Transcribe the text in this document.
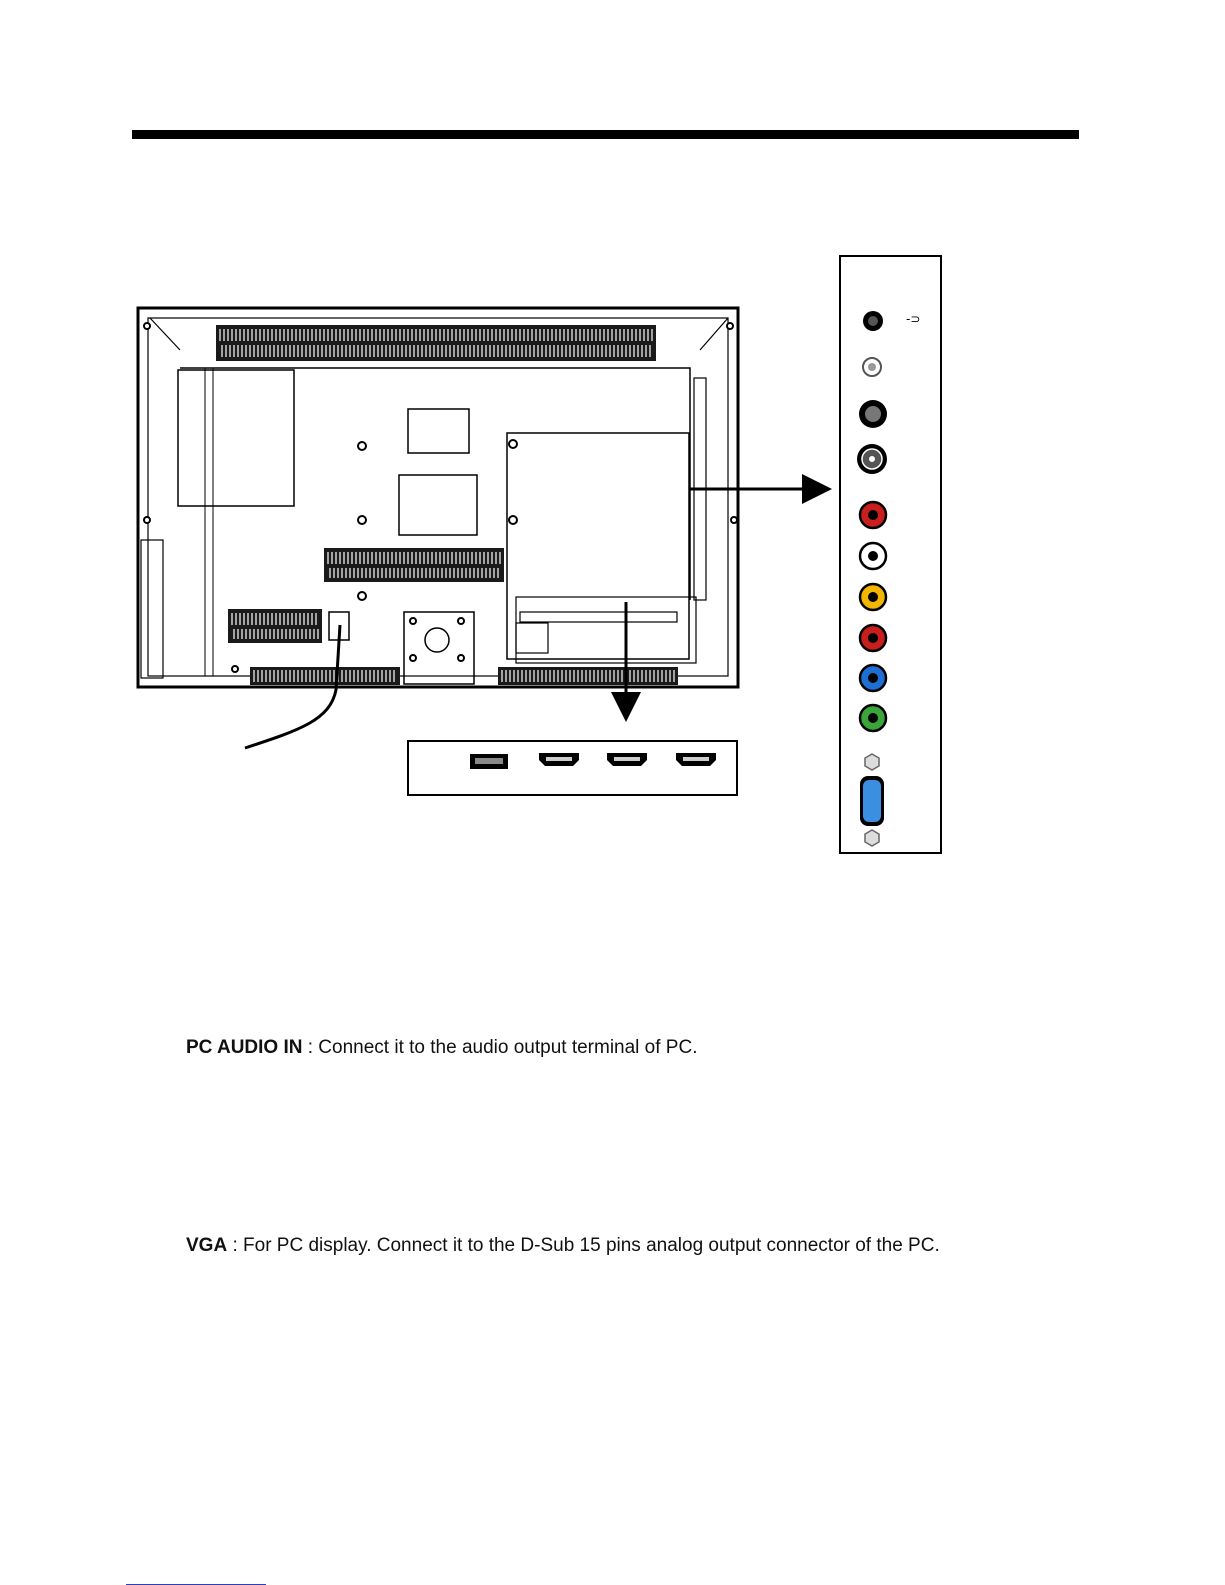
-⊃
PC AUDIO IN : Connect it to the audio output terminal of PC.
VGA : For PC display. Connect it to the D-Sub 15 pins analog output connector of the PC.
